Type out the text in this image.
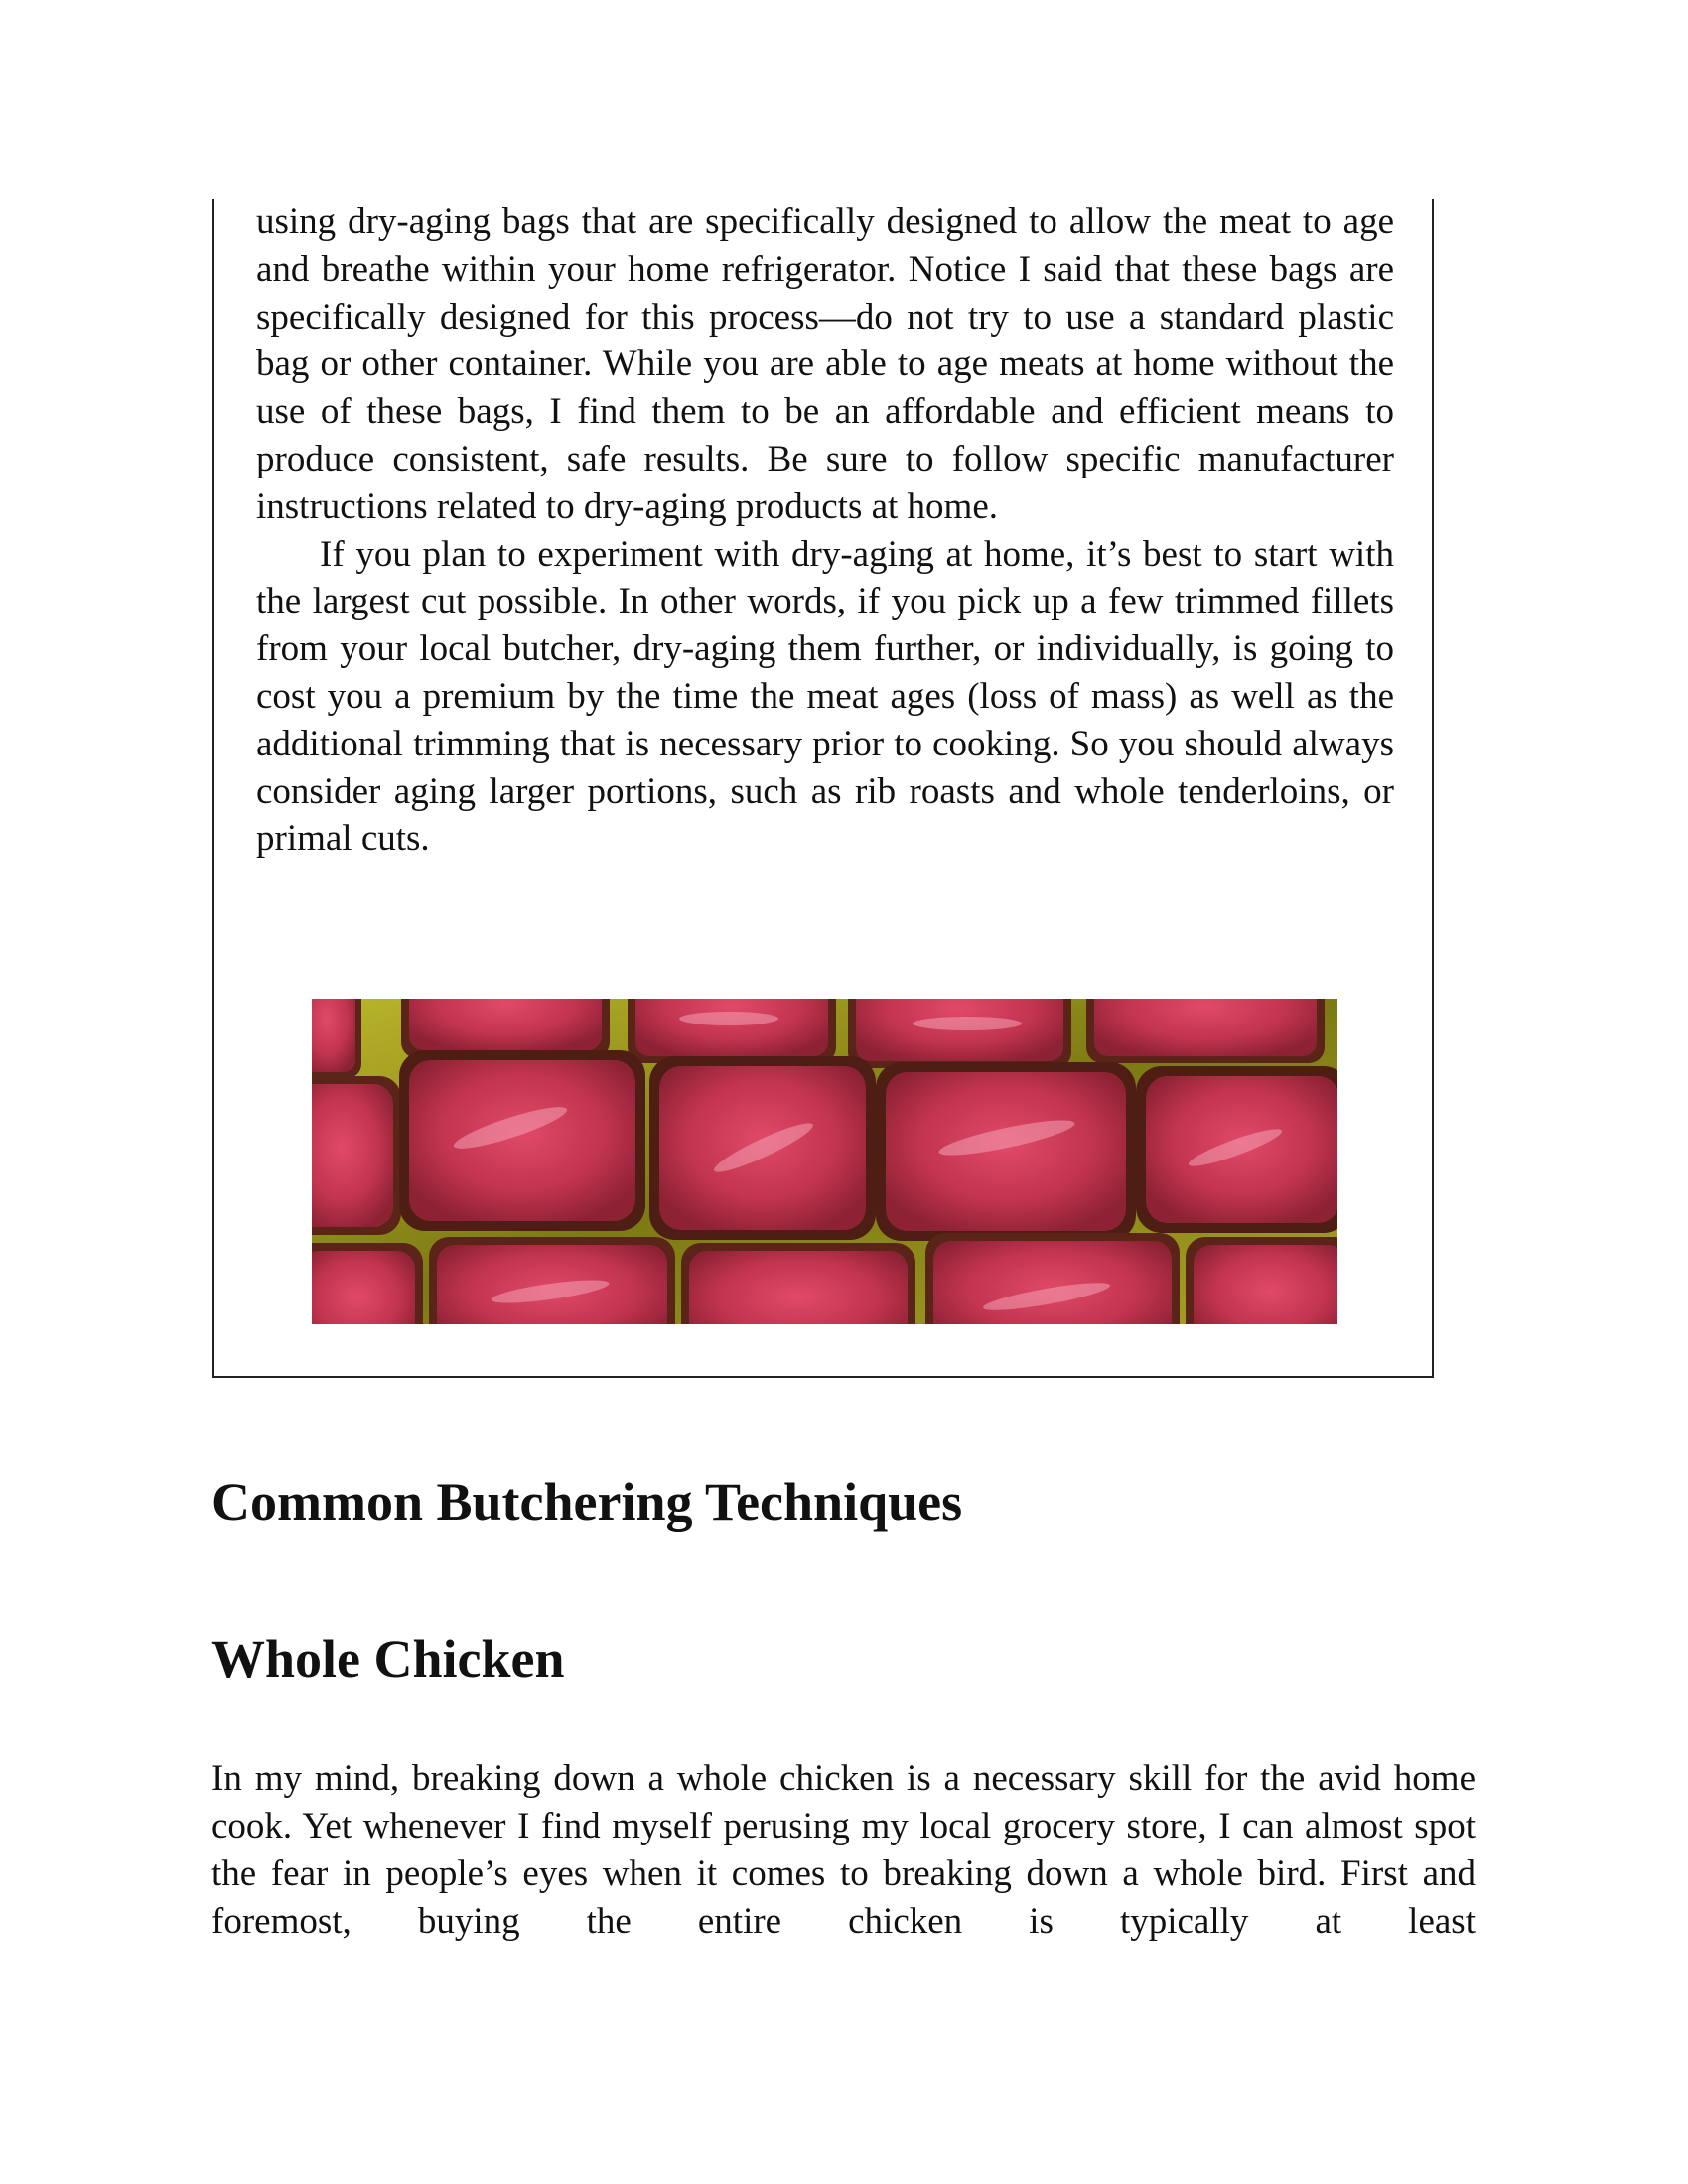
using dry-aging bags that are specifically designed to allow the meat to age and breathe within your home refrigerator. Notice I said that these bags are specifically designed for this process—do not try to use a standard plastic bag or other container. While you are able to age meats at home without the use of these bags, I find them to be an affordable and efficient means to produce consistent, safe results. Be sure to follow specific manufacturer instructions related to dry-aging products at home.

If you plan to experiment with dry-aging at home, it’s best to start with the largest cut possible. In other words, if you pick up a few trimmed fillets from your local butcher, dry-aging them further, or individually, is going to cost you a premium by the time the meat ages (loss of mass) as well as the additional trimming that is necessary prior to cooking. So you should always consider aging larger portions, such as rib roasts and whole tenderloins, or primal cuts.

Common Butchering Techniques
Whole Chicken

In my mind, breaking down a whole chicken is a necessary skill for the avid home cook. Yet whenever I find myself perusing my local grocery store, I can almost spot the fear in people’s eyes when it comes to breaking down a whole bird. First and foremost, buying the entire chicken is typically at least
